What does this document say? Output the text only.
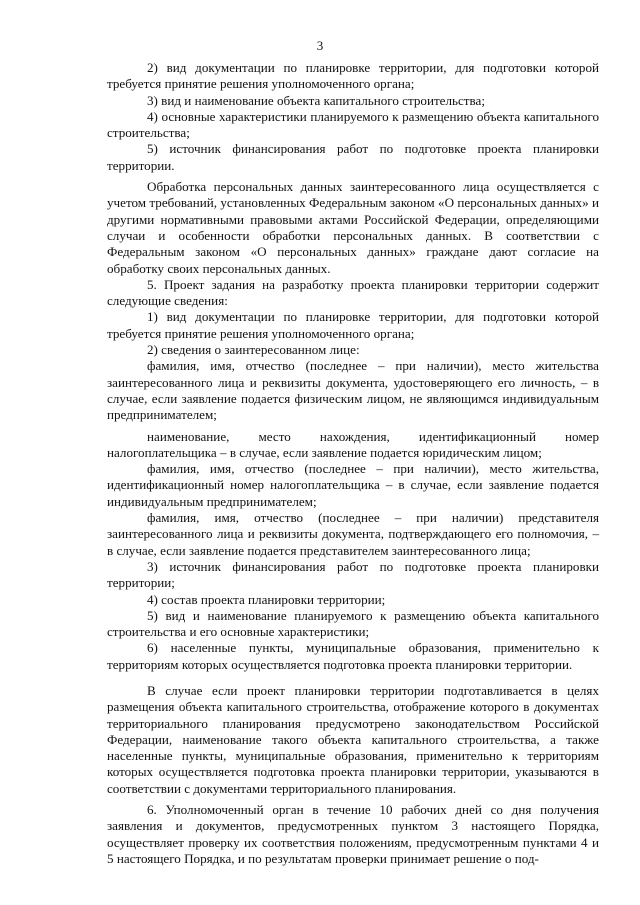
3

2) вид документации по планировке территории, для подготовки которой требуется принятие решения уполномоченного органа;

3) вид и наименование объекта капитального строительства;

4) основные характеристики планируемого к размещению объекта капитального строительства;

5) источник финансирования работ по подготовке проекта планировки территории.

Обработка персональных данных заинтересованного лица осуществляется с учетом требований, установленных Федеральным законом «О персональных данных» и другими нормативными правовыми актами Российской Федерации, определяющими случаи и особенности обработки персональных данных. В соответствии с Федеральным законом «О персональных данных» граждане дают согласие на обработку своих персональных данных.

5. Проект задания на разработку проекта планировки территории содержит следующие сведения:

1) вид документации по планировке территории, для подготовки которой требуется принятие решения уполномоченного органа;

2) сведения о заинтересованном лице:

фамилия, имя, отчество (последнее – при наличии), место жительства заинтересованного лица и реквизиты документа, удостоверяющего его личность, – в случае, если заявление подается физическим лицом, не являющимся индивидуальным предпринимателем;

наименование, место нахождения, идентификационный номер налогоплательщика – в случае, если заявление подается юридическим лицом;

фамилия, имя, отчество (последнее – при наличии), место жительства, идентификационный номер налогоплательщика – в случае, если заявление подается индивидуальным предпринимателем;

фамилия, имя, отчество (последнее – при наличии) представителя заинтересованного лица и реквизиты документа, подтверждающего его полномочия, – в случае, если заявление подается представителем заинтересованного лица;

3) источник финансирования работ по подготовке проекта планировки территории;

4) состав проекта планировки территории;

5) вид и наименование планируемого к размещению объекта капитального строительства и его основные характеристики;

6) населенные пункты, муниципальные образования, применительно к территориям которых осуществляется подготовка проекта планировки территории.

В случае если проект планировки территории подготавливается в целях размещения объекта капитального строительства, отображение которого в документах территориального планирования предусмотрено законодательством Российской Федерации, наименование такого объекта капитального строительства, а также населенные пункты, муниципальные образования, применительно к территориям которых осуществляется подготовка проекта планировки территории, указываются в соответствии с документами территориального планирования.

6. Уполномоченный орган в течение 10 рабочих дней со дня получения заявления и документов, предусмотренных пунктом 3 настоящего Порядка, осуществляет проверку их соответствия положениям, предусмотренным пунктами 4 и 5 настоящего Порядка, и по результатам проверки принимает решение о под-
